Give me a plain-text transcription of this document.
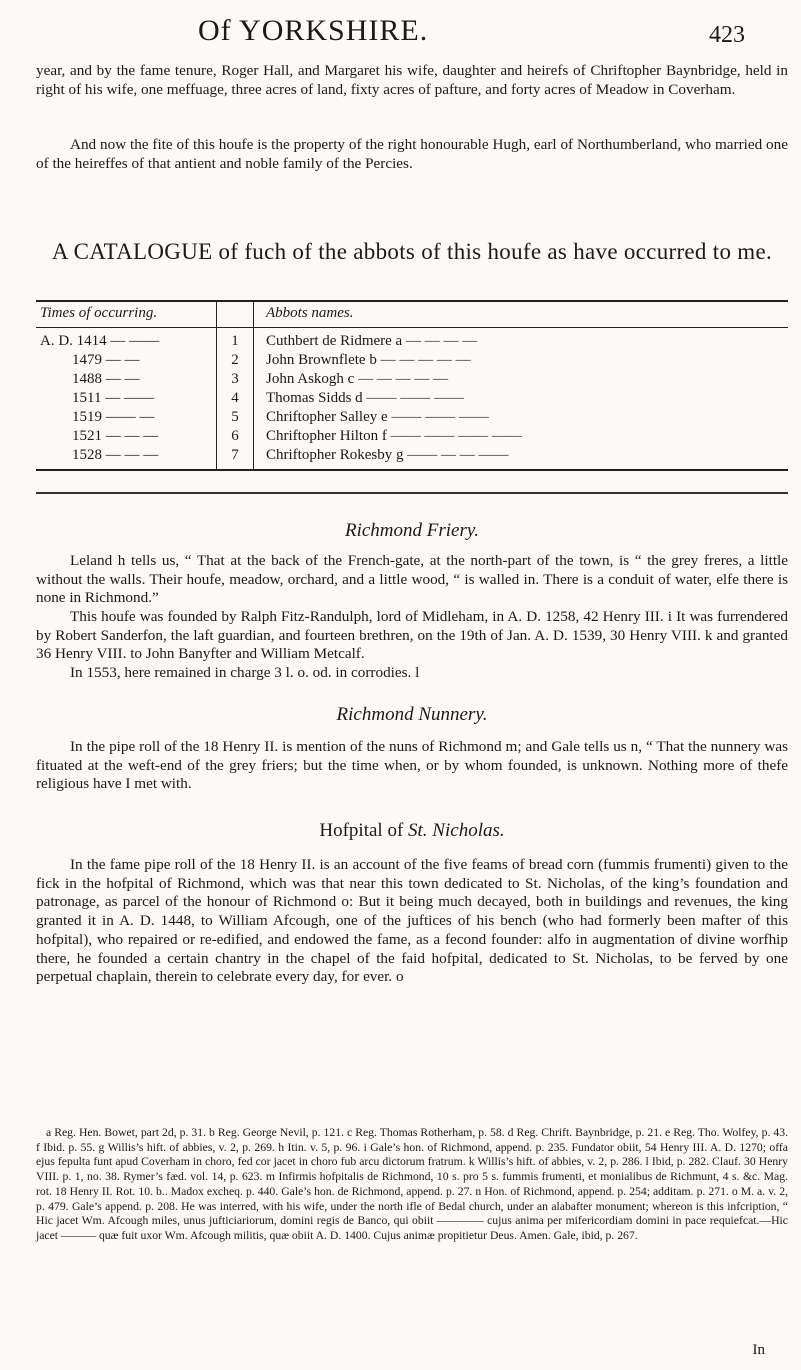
Of YORKSHIRE.	423

year, and by the fame tenure, Roger Hall, and Margaret his wife, daughter and heirefs of Chriftopher Baynbridge, held in right of his wife, one meffuage, three acres of land, fixty acres of pafture, and forty acres of Meadow in Coverham.

And now the fite of this houfe is the property of the right honourable Hugh, earl of Northumberland, who married one of the heireffes of that antient and noble family of the Percies.

A CATALOGUE of fuch of the abbots of this houfe as have occurred to me.
Times of occurring.		Abbots names.
A. D. 1414 — ——	1	Cuthbert de Ridmere a — — — —
1479 — —	2	John Brownflete b — — — — —
1488 — —	3	John Askogh c — — — — —
1511 — ——	4	Thomas Sidds d —— —— ——
1519 —— —	5	Chriftopher Salley e —— —— ——
1521 — — —	6	Chriftopher Hilton f —— —— —— ——
1528 — — —	7	Chriftopher Rokesby g —— — — ——
Richmond Friery.

Leland h tells us, “ That at the back of the French-gate, at the north-part of the town, is “ the grey freres, a little without the walls. Their houfe, meadow, orchard, and a little wood, “ is walled in. There is a conduit of water, elfe there is none in Richmond.”

This houfe was founded by Ralph Fitz-Randulph, lord of Midleham, in A. D. 1258, 42 Henry III. i It was furrendered by Robert Sanderfon, the laft guardian, and fourteen brethren, on the 19th of Jan. A. D. 1539, 30 Henry VIII. k and granted 36 Henry VIII. to John Banyfter and William Metcalf.

In 1553, here remained in charge 3 l. o. od. in corrodies. l

Richmond Nunnery.

In the pipe roll of the 18 Henry II. is mention of the nuns of Richmond m; and Gale tells us n, “ That the nunnery was fituated at the weft-end of the grey friers; but the time when, or by whom founded, is unknown. Nothing more of thefe religious have I met with.

Hofpital of St. Nicholas.

In the fame pipe roll of the 18 Henry II. is an account of the five feams of bread corn (fummis frumenti) given to the fick in the hofpital of Richmond, which was that near this town dedicated to St. Nicholas, of the king’s foundation and patronage, as parcel of the honour of Richmond o: But it being much decayed, both in buildings and revenues, the king granted it in A. D. 1448, to William Afcough, one of the juftices of his bench (who had formerly been mafter of this hofpital), who repaired or re-edified, and endowed the fame, as a fecond founder: alfo in augmentation of divine worfhip there, he founded a certain chantry in the chapel of the faid hofpital, dedicated to St. Nicholas, to be ferved by one perpetual chaplain, therein to celebrate every day, for ever. o

a Reg. Hen. Bowet, part 2d, p. 31. b Reg. George Nevil, p. 121. c Reg. Thomas Rotherham, p. 58. d Reg. Chrift. Baynbridge, p. 21. e Reg. Tho. Wolfey, p. 43. f Ibid. p. 55. g Willis’s hift. of abbies, v. 2, p. 269. h Itin. v. 5, p. 96. i Gale’s hon. of Richmond, append. p. 235. Fundator obiit, 54 Henry III. A. D. 1270; offa ejus fepulta funt apud Coverham in choro, fed cor jacet in choro fub arcu dictorum fratrum. k Willis’s hift. of abbies, v. 2, p. 286. l Ibid, p. 282. Clauf. 30 Henry VIII. p. 1, no. 38. Rymer’s fæd. vol. 14, p. 623. m Infirmis hofpitalis de Richmond, 10 s. pro 5 s. fummis frumenti, et monialibus de Richmunt, 4 s. &c. Mag. rot. 18 Henry II. Rot. 10. b.. Madox excheq. p. 440. Gale’s hon. de Richmond, append. p. 27. n Hon. of Richmond, append. p. 254; additam. p. 271. o M. a. v. 2, p. 479. Gale’s append. p. 208. He was interred, with his wife, under the north ifle of Bedal church, under an alabafter monument; whereon is this infcription, “ Hic jacet Wm. Afcough miles, unus jufticiariorum, domini regis de Banco, qui obiit ———— cujus anima per mifericordiam domini in pace requiefcat.—Hic jacet ——— quæ fuit uxor Wm. Afcough militis, quæ obiit A. D. 1400. Cujus animæ propitietur Deus. Amen. Gale, ibid, p. 267.
In
